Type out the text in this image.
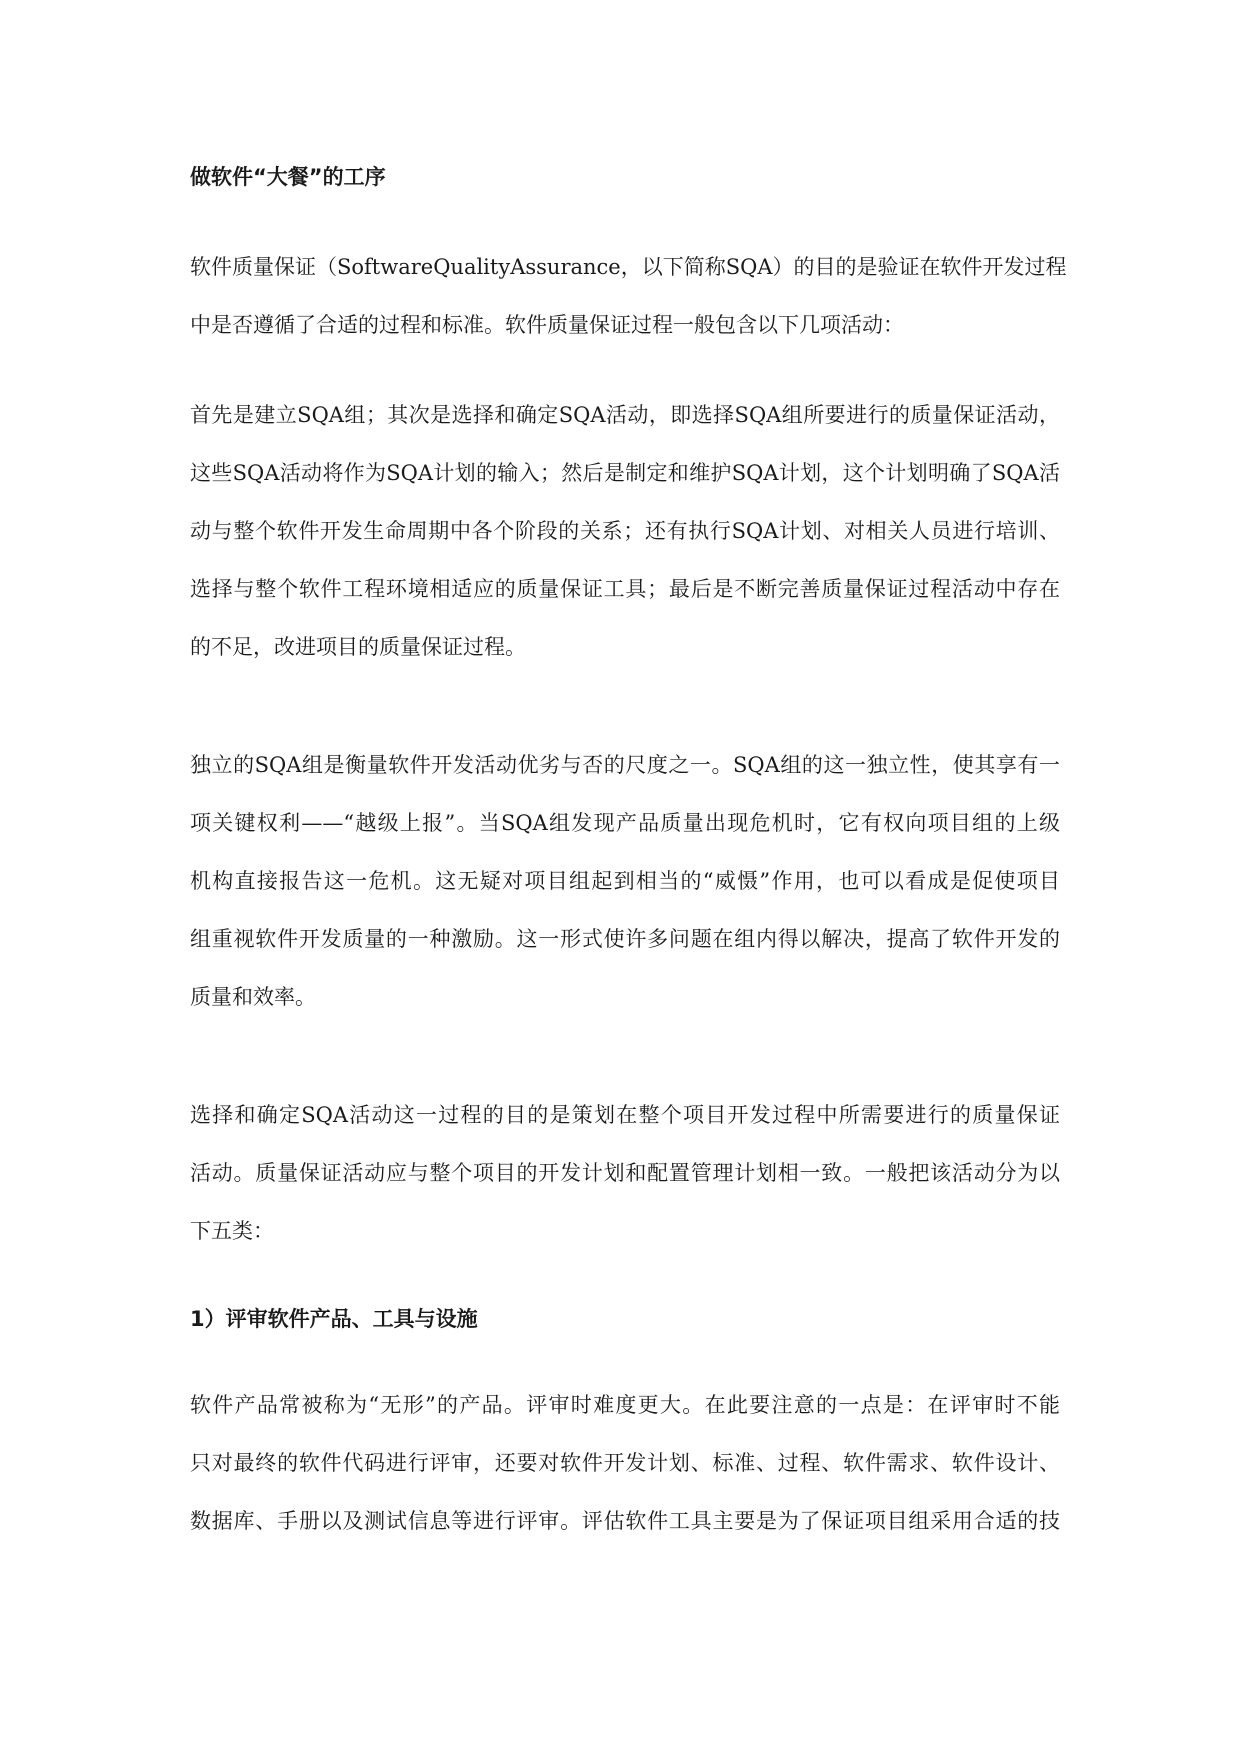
做软件“大餐”的工序
软件质量保证（SoftwareQualityAssurance，以下简称SQA）的目的是验证在软件开发过程
中是否遵循了合适的过程和标准。软件质量保证过程一般包含以下几项活动：
首先是建立SQA组；其次是选择和确定SQA活动，即选择SQA组所要进行的质量保证活动，
这些SQA活动将作为SQA计划的输入；然后是制定和维护SQA计划，这个计划明确了SQA活
动与整个软件开发生命周期中各个阶段的关系；还有执行SQA计划、对相关人员进行培训、
选择与整个软件工程环境相适应的质量保证工具；最后是不断完善质量保证过程活动中存在
的不足，改进项目的质量保证过程。
独立的SQA组是衡量软件开发活动优劣与否的尺度之一。SQA组的这一独立性，使其享有一
项关键权利——“越级上报”。当SQA组发现产品质量出现危机时，它有权向项目组的上级
机构直接报告这一危机。这无疑对项目组起到相当的“威慑”作用，也可以看成是促使项目
组重视软件开发质量的一种激励。这一形式使许多问题在组内得以解决，提高了软件开发的
质量和效率。
选择和确定SQA活动这一过程的目的是策划在整个项目开发过程中所需要进行的质量保证
活动。质量保证活动应与整个项目的开发计划和配置管理计划相一致。一般把该活动分为以
下五类：
1）评审软件产品、工具与设施
软件产品常被称为“无形”的产品。评审时难度更大。在此要注意的一点是：在评审时不能
只对最终的软件代码进行评审，还要对软件开发计划、标准、过程、软件需求、软件设计、
数据库、手册以及测试信息等进行评审。评估软件工具主要是为了保证项目组采用合适的技
